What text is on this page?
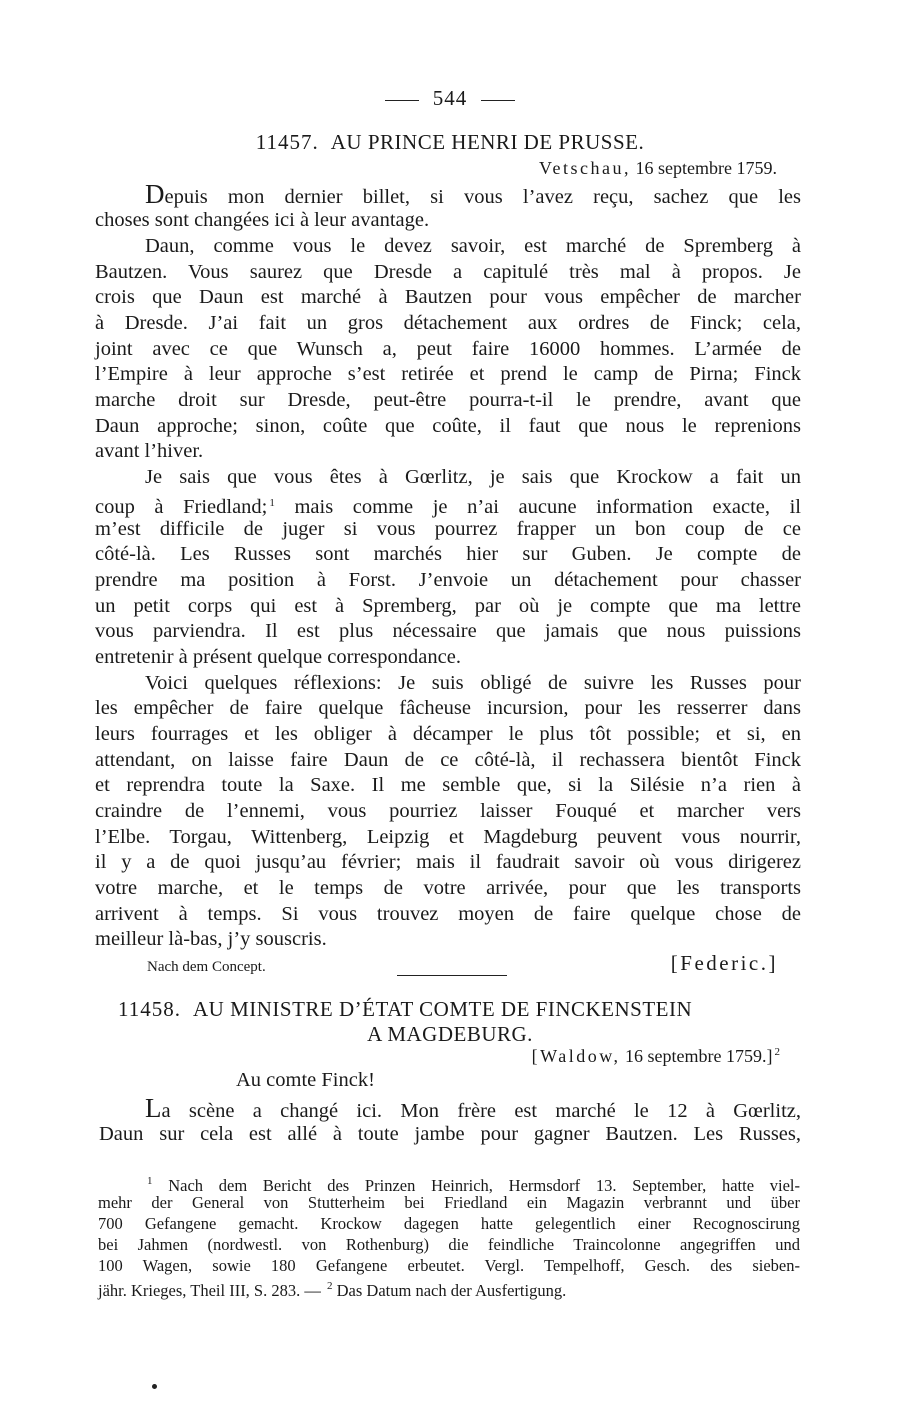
544
11457. AU PRINCE HENRI DE PRUSSE.
Vetschau, 16 septembre 1759.
Depuis mon dernier billet, si vous l’avez reçu, sachez que les
choses sont changées ici à leur avantage.
Daun, comme vous le devez savoir, est marché de Spremberg à
Bautzen. Vous saurez que Dresde a capitulé très mal à propos. Je
crois que Daun est marché à Bautzen pour vous empêcher de marcher
à Dresde. J’ai fait un gros détachement aux ordres de Finck; cela,
joint avec ce que Wunsch a, peut faire 16000 hommes. L’armée de
l’Empire à leur approche s’est retirée et prend le camp de Pirna; Finck
marche droit sur Dresde, peut-être pourra-t-il le prendre, avant que
Daun approche; sinon, coûte que coûte, il faut que nous le reprenions
avant l’hiver.
Je sais que vous êtes à Gœrlitz, je sais que Krockow a fait un
coup à Friedland; $^1$ mais comme je n’ai aucune information exacte, il
m’est difficile de juger si vous pourrez frapper un bon coup de ce
côté-là. Les Russes sont marchés hier sur Guben. Je compte de
prendre ma position à Forst. J’envoie un détachement pour chasser
un petit corps qui est à Spremberg, par où je compte que ma lettre
vous parviendra. Il est plus nécessaire que jamais que nous puissions
entretenir à présent quelque correspondance.
Voici quelques réflexions: Je suis obligé de suivre les Russes pour
les empêcher de faire quelque fâcheuse incursion, pour les resserrer dans
leurs fourrages et les obliger à décamper le plus tôt possible; et si, en
attendant, on laisse faire Daun de ce côté-là, il rechassera bientôt Finck
et reprendra toute la Saxe. Il me semble que, si la Silésie n’a rien à
craindre de l’ennemi, vous pourriez laisser Fouqué et marcher vers
l’Elbe. Torgau, Wittenberg, Leipzig et Magdeburg peuvent vous nourrir,
il y a de quoi jusqu’au février; mais il faudrait savoir où vous dirigerez
votre marche, et le temps de votre arrivée, pour que les transports
arrivent à temps. Si vous trouvez moyen de faire quelque chose de
meilleur là-bas, j’y souscris.
Nach dem Concept.	[Federic.]
11458. AU MINISTRE D’ÉTAT COMTE DE FINCKENSTEIN
A MAGDEBURG.
[Waldow, 16 septembre 1759.] $^2$
Au comte Finck!
La scène a changé ici. Mon frère est marché le 12 à Gœrlitz,
Daun sur cela est allé à toute jambe pour gagner Bautzen. Les Russes,
$^1$ Nach dem Bericht des Prinzen Heinrich, Hermsdorf 13. September, hatte viel-
mehr der General von Stutterheim bei Friedland ein Magazin verbrannt und über
700 Gefangene gemacht. Krockow dagegen hatte gelegentlich einer Recognoscirung
bei Jahmen (nordwestl. von Rothenburg) die feindliche Traincolonne angegriffen und
100 Wagen, sowie 180 Gefangene erbeutet. Vergl. Tempelhoff, Gesch. des sieben-
jähr. Krieges, Theil III, S. 283. — $^2$ Das Datum nach der Ausfertigung.
